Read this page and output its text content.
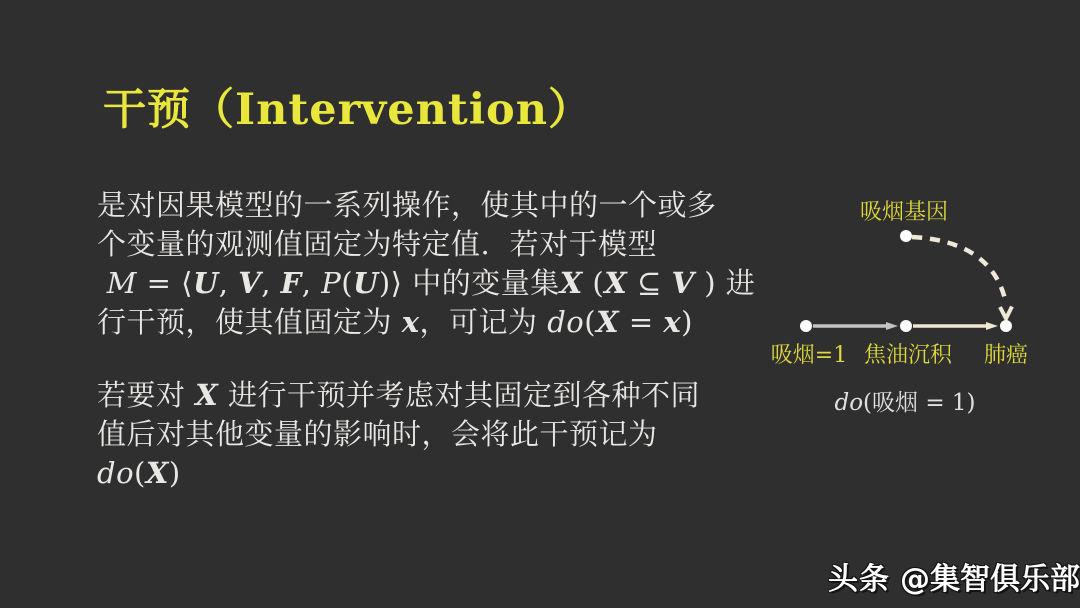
干预（Intervention）
是对因果模型的一系列操作，使其中的一个或多
个变量的观测值固定为特定值.  若对于模型
M = ⟨U, V, F, P(U)⟩ 中的变量集X (X ⊆ V ) 进
行干预，使其值固定为 x，可记为 do(X = x)
若要对 X 进行干预并考虑对其固定到各种不同
值后对其他变量的影响时，会将此干预记为
do(X)
吸烟基因
吸烟=1 焦油沉积 肺癌
do(吸烟 = 1)
头条 @集智俱乐部
